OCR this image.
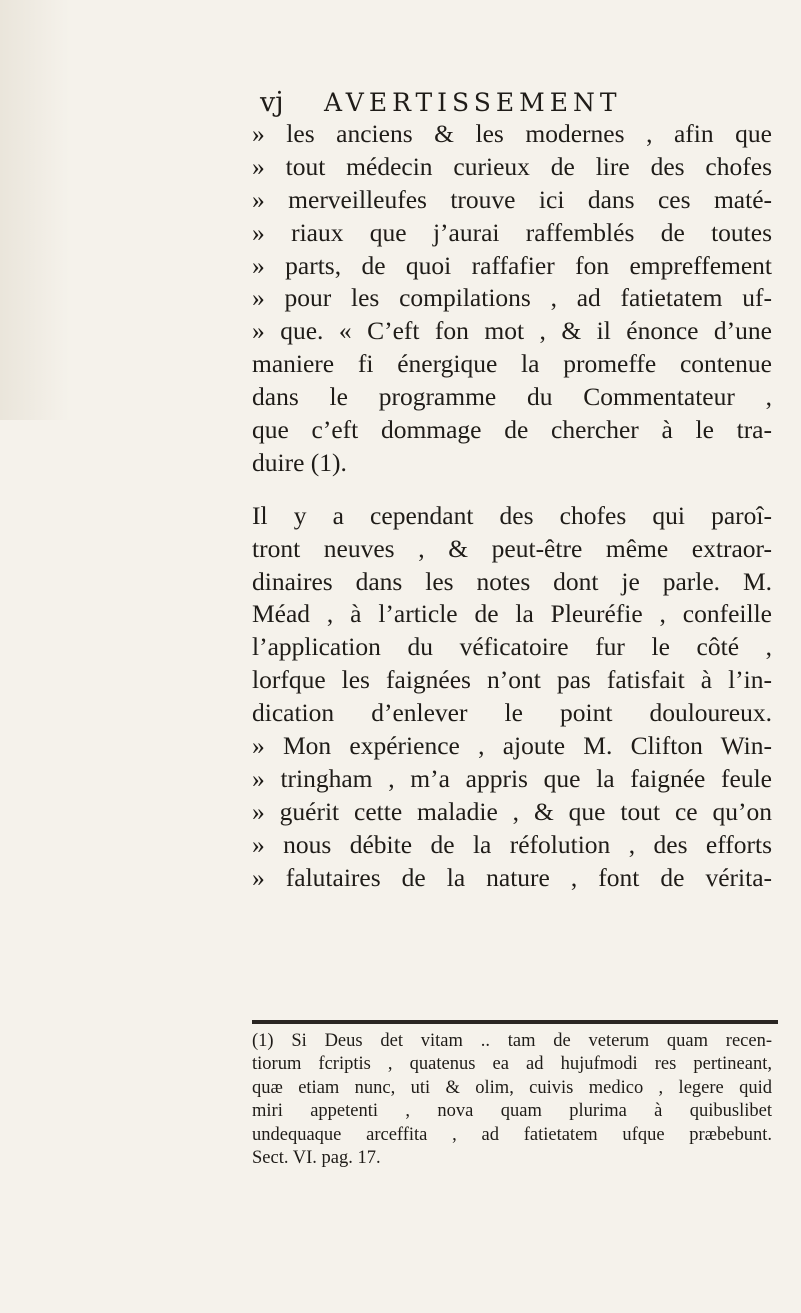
vj AVERTISSEMENT
» les anciens & les modernes , afin que
» tout médecin curieux de lire des chofes
» merveilleufes trouve ici dans ces maté-
» riaux que j’aurai raffemblés de toutes
» parts, de quoi raffafier fon empreffement
» pour les compilations , ad fatietatem uf-
» que. « C’eft fon mot , & il énonce d’une
maniere fi énergique la promeffe contenue
dans le programme du Commentateur ,
que c’eft dommage de chercher à le tra-
duire (1).
Il y a cependant des chofes qui paroî-
tront neuves , & peut-être même extraor-
dinaires dans les notes dont je parle. M.
Méad , à l’article de la Pleuréfie , confeille
l’application du véficatoire fur le côté ,
lorfque les faignées n’ont pas fatisfait à l’in-
dication d’enlever le point douloureux.
» Mon expérience , ajoute M. Clifton Win-
» tringham , m’a appris que la faignée feule
» guérit cette maladie , & que tout ce qu’on
» nous débite de la réfolution , des efforts
» falutaires de la nature , font de vérita-
(1) Si Deus det vitam .. tam de veterum quam recen-
tiorum fcriptis , quatenus ea ad hujufmodi res pertineant,
quæ etiam nunc, uti & olim, cuivis medico , legere quid
miri appetenti , nova quam plurima à quibuslibet
undequaque arceffita , ad fatietatem ufque præbebunt.
Sect. VI. pag. 17.
